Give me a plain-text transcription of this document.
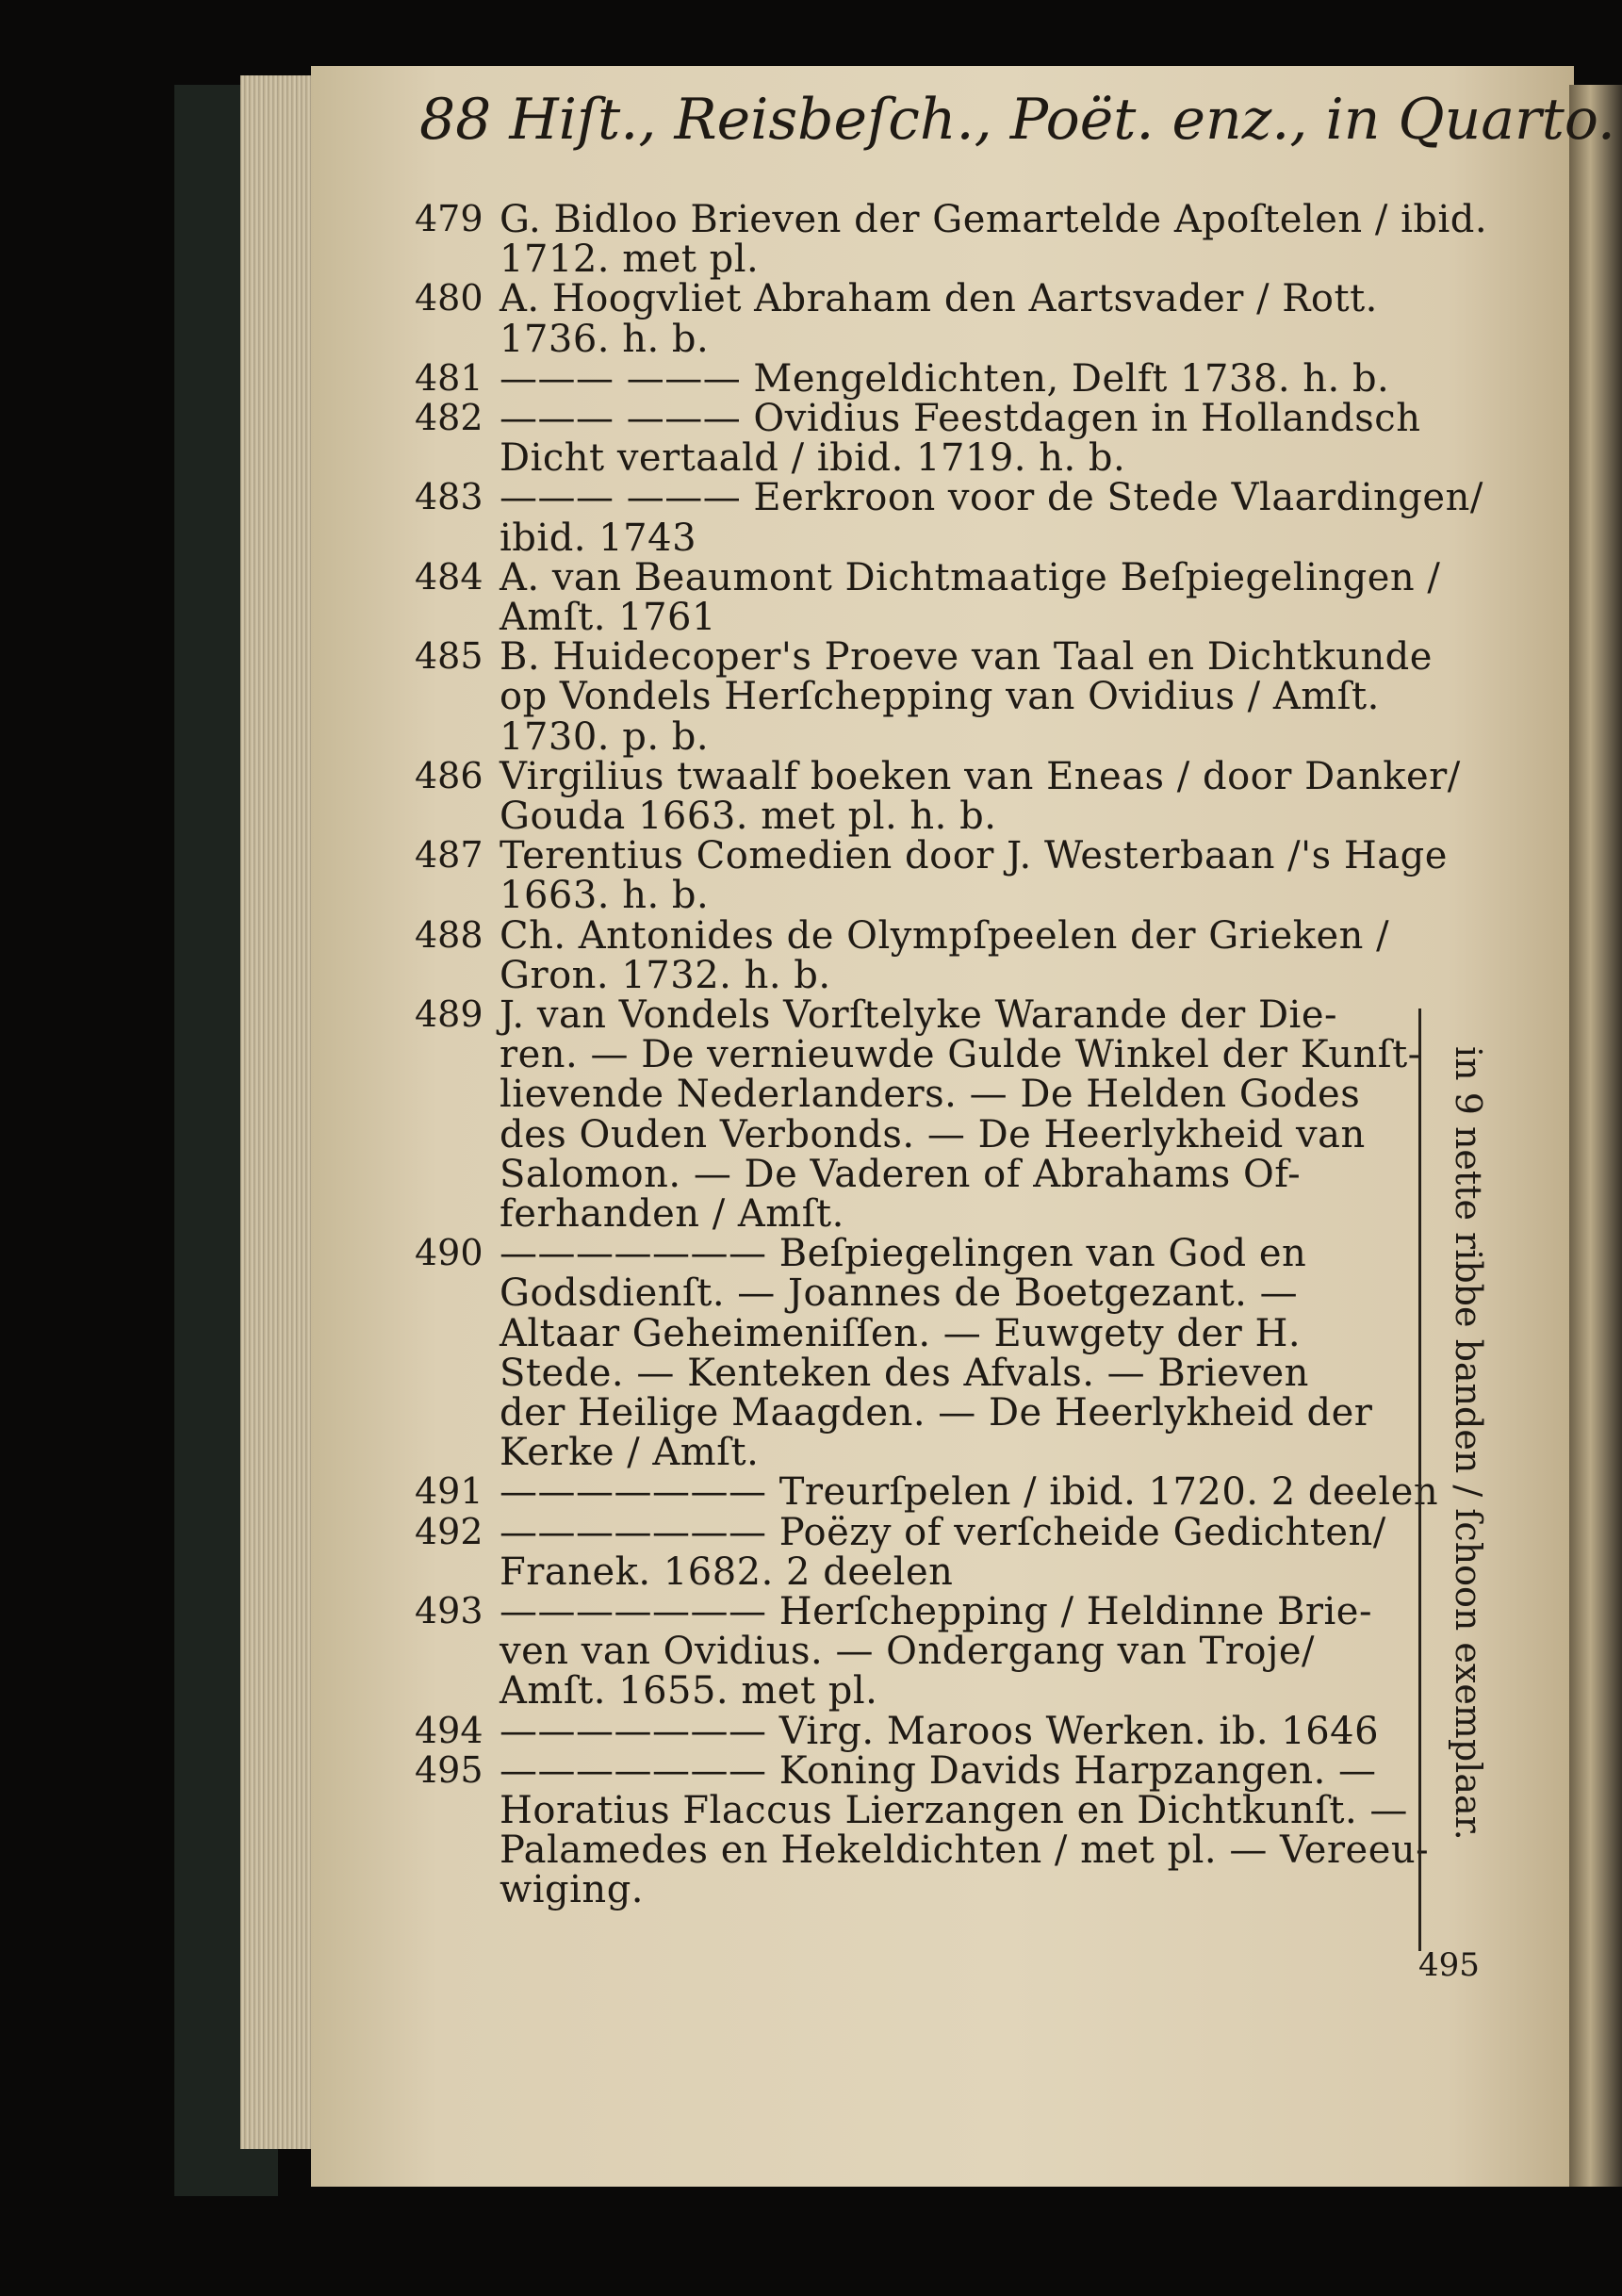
88 Hiſt., Reisbeſch., Poët. enz., in Quarto.
479 G. Bidloo Brieven der Gemartelde Apoſtelen / ibid.
1712. met pl.
480 A. Hoogvliet Abraham den Aartsvader / Rott.
1736. h. b.
481 ——— ——— Mengeldichten, Delft 1738. h. b.
482 ——— ——— Ovidius Feestdagen in Hollandsch
Dicht vertaald / ibid. 1719. h. b.
483 ——— ——— Eerkroon voor de Stede Vlaardingen/
ibid. 1743
484 A. van Beaumont Dichtmaatige Beſpiegelingen /
Amſt. 1761
485 B. Huidecoper's Proeve van Taal en Dichtkunde
op Vondels Herſchepping van Ovidius / Amſt.
1730. p. b.
486 Virgilius twaalf boeken van Eneas / door Danker/
Gouda 1663. met pl. h. b.
487 Terentius Comedien door J. Westerbaan /'s Hage
1663. h. b.
488 Ch. Antonides de Olympſpeelen der Grieken /
Gron. 1732. h. b.
489 J. van Vondels Vorſtelyke Warande der Die-
ren. — De vernieuwde Gulde Winkel der Kunſt-
lievende Nederlanders. — De Helden Godes
des Ouden Verbonds. — De Heerlykheid van
Salomon. — De Vaderen of Abrahams Of-
ferhanden / Amſt.
490 ——————— Beſpiegelingen van God en
Godsdienſt. — Joannes de Boetgezant. —
Altaar Geheimeniſſen. — Euwgety der H.
Stede. — Kenteken des Afvals. — Brieven
der Heilige Maagden. — De Heerlykheid der
Kerke / Amſt.
491 ——————— Treurſpelen / ibid. 1720. 2 deelen
492 ——————— Poëzy of verſcheide Gedichten/
Franek. 1682. 2 deelen
493 ——————— Herſchepping / Heldinne Brie-
ven van Ovidius. — Ondergang van Troje/
Amſt. 1655. met pl.
494 ——————— Virg. Maroos Werken. ib. 1646
495 ——————— Koning Davids Harpzangen. —
Horatius Flaccus Lierzangen en Dichtkunſt. —
Palamedes en Hekeldichten / met pl. — Vereeu-
wiging.
in 9 nette ribbe banden / ſchoon exemplaar.
495
